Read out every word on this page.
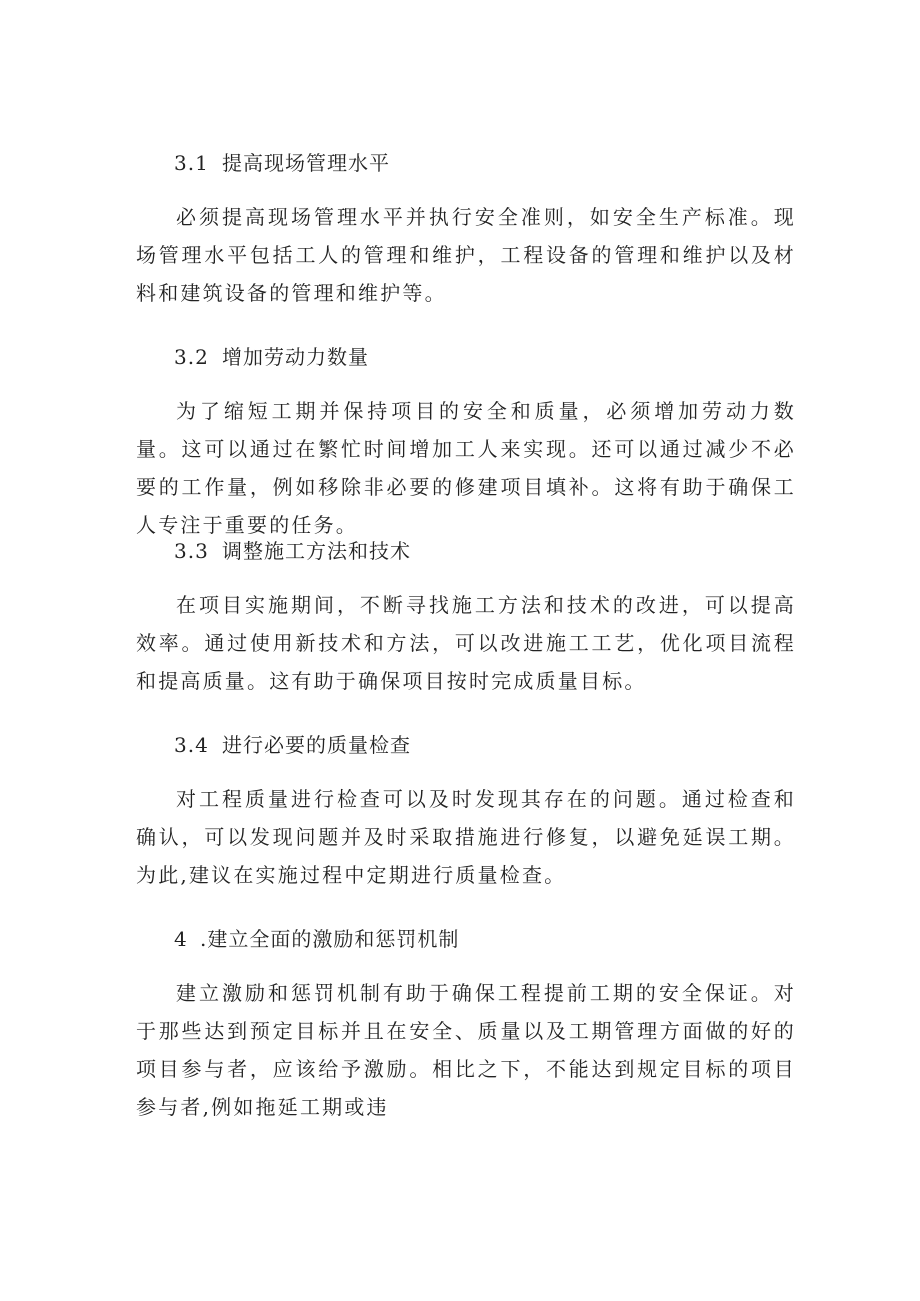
3.1 提高现场管理水平

必须提高现场管理水平并执行安全准则，如安全生产标准。现场管理水平包括工人的管理和维护，工程设备的管理和维护以及材料和建筑设备的管理和维护等。

3.2 增加劳动力数量

为了缩短工期并保持项目的安全和质量，必须增加劳动力数量。这可以通过在繁忙时间增加工人来实现。还可以通过减少不必要的工作量，例如移除非必要的修建项目填补。这将有助于确保工人专注于重要的任务。

3.3 调整施工方法和技术

在项目实施期间，不断寻找施工方法和技术的改进，可以提高效率。通过使用新技术和方法，可以改进施工工艺，优化项目流程和提高质量。这有助于确保项目按时完成质量目标。

3.4 进行必要的质量检查

对工程质量进行检查可以及时发现其存在的问题。通过检查和确认，可以发现问题并及时采取措施进行修复，以避免延误工期。为此,建议在实施过程中定期进行质量检查。

4 .建立全面的激励和惩罚机制

建立激励和惩罚机制有助于确保工程提前工期的安全保证。对于那些达到预定目标并且在安全、质量以及工期管理方面做的好的项目参与者，应该给予激励。相比之下，不能达到规定目标的项目参与者,例如拖延工期或违
